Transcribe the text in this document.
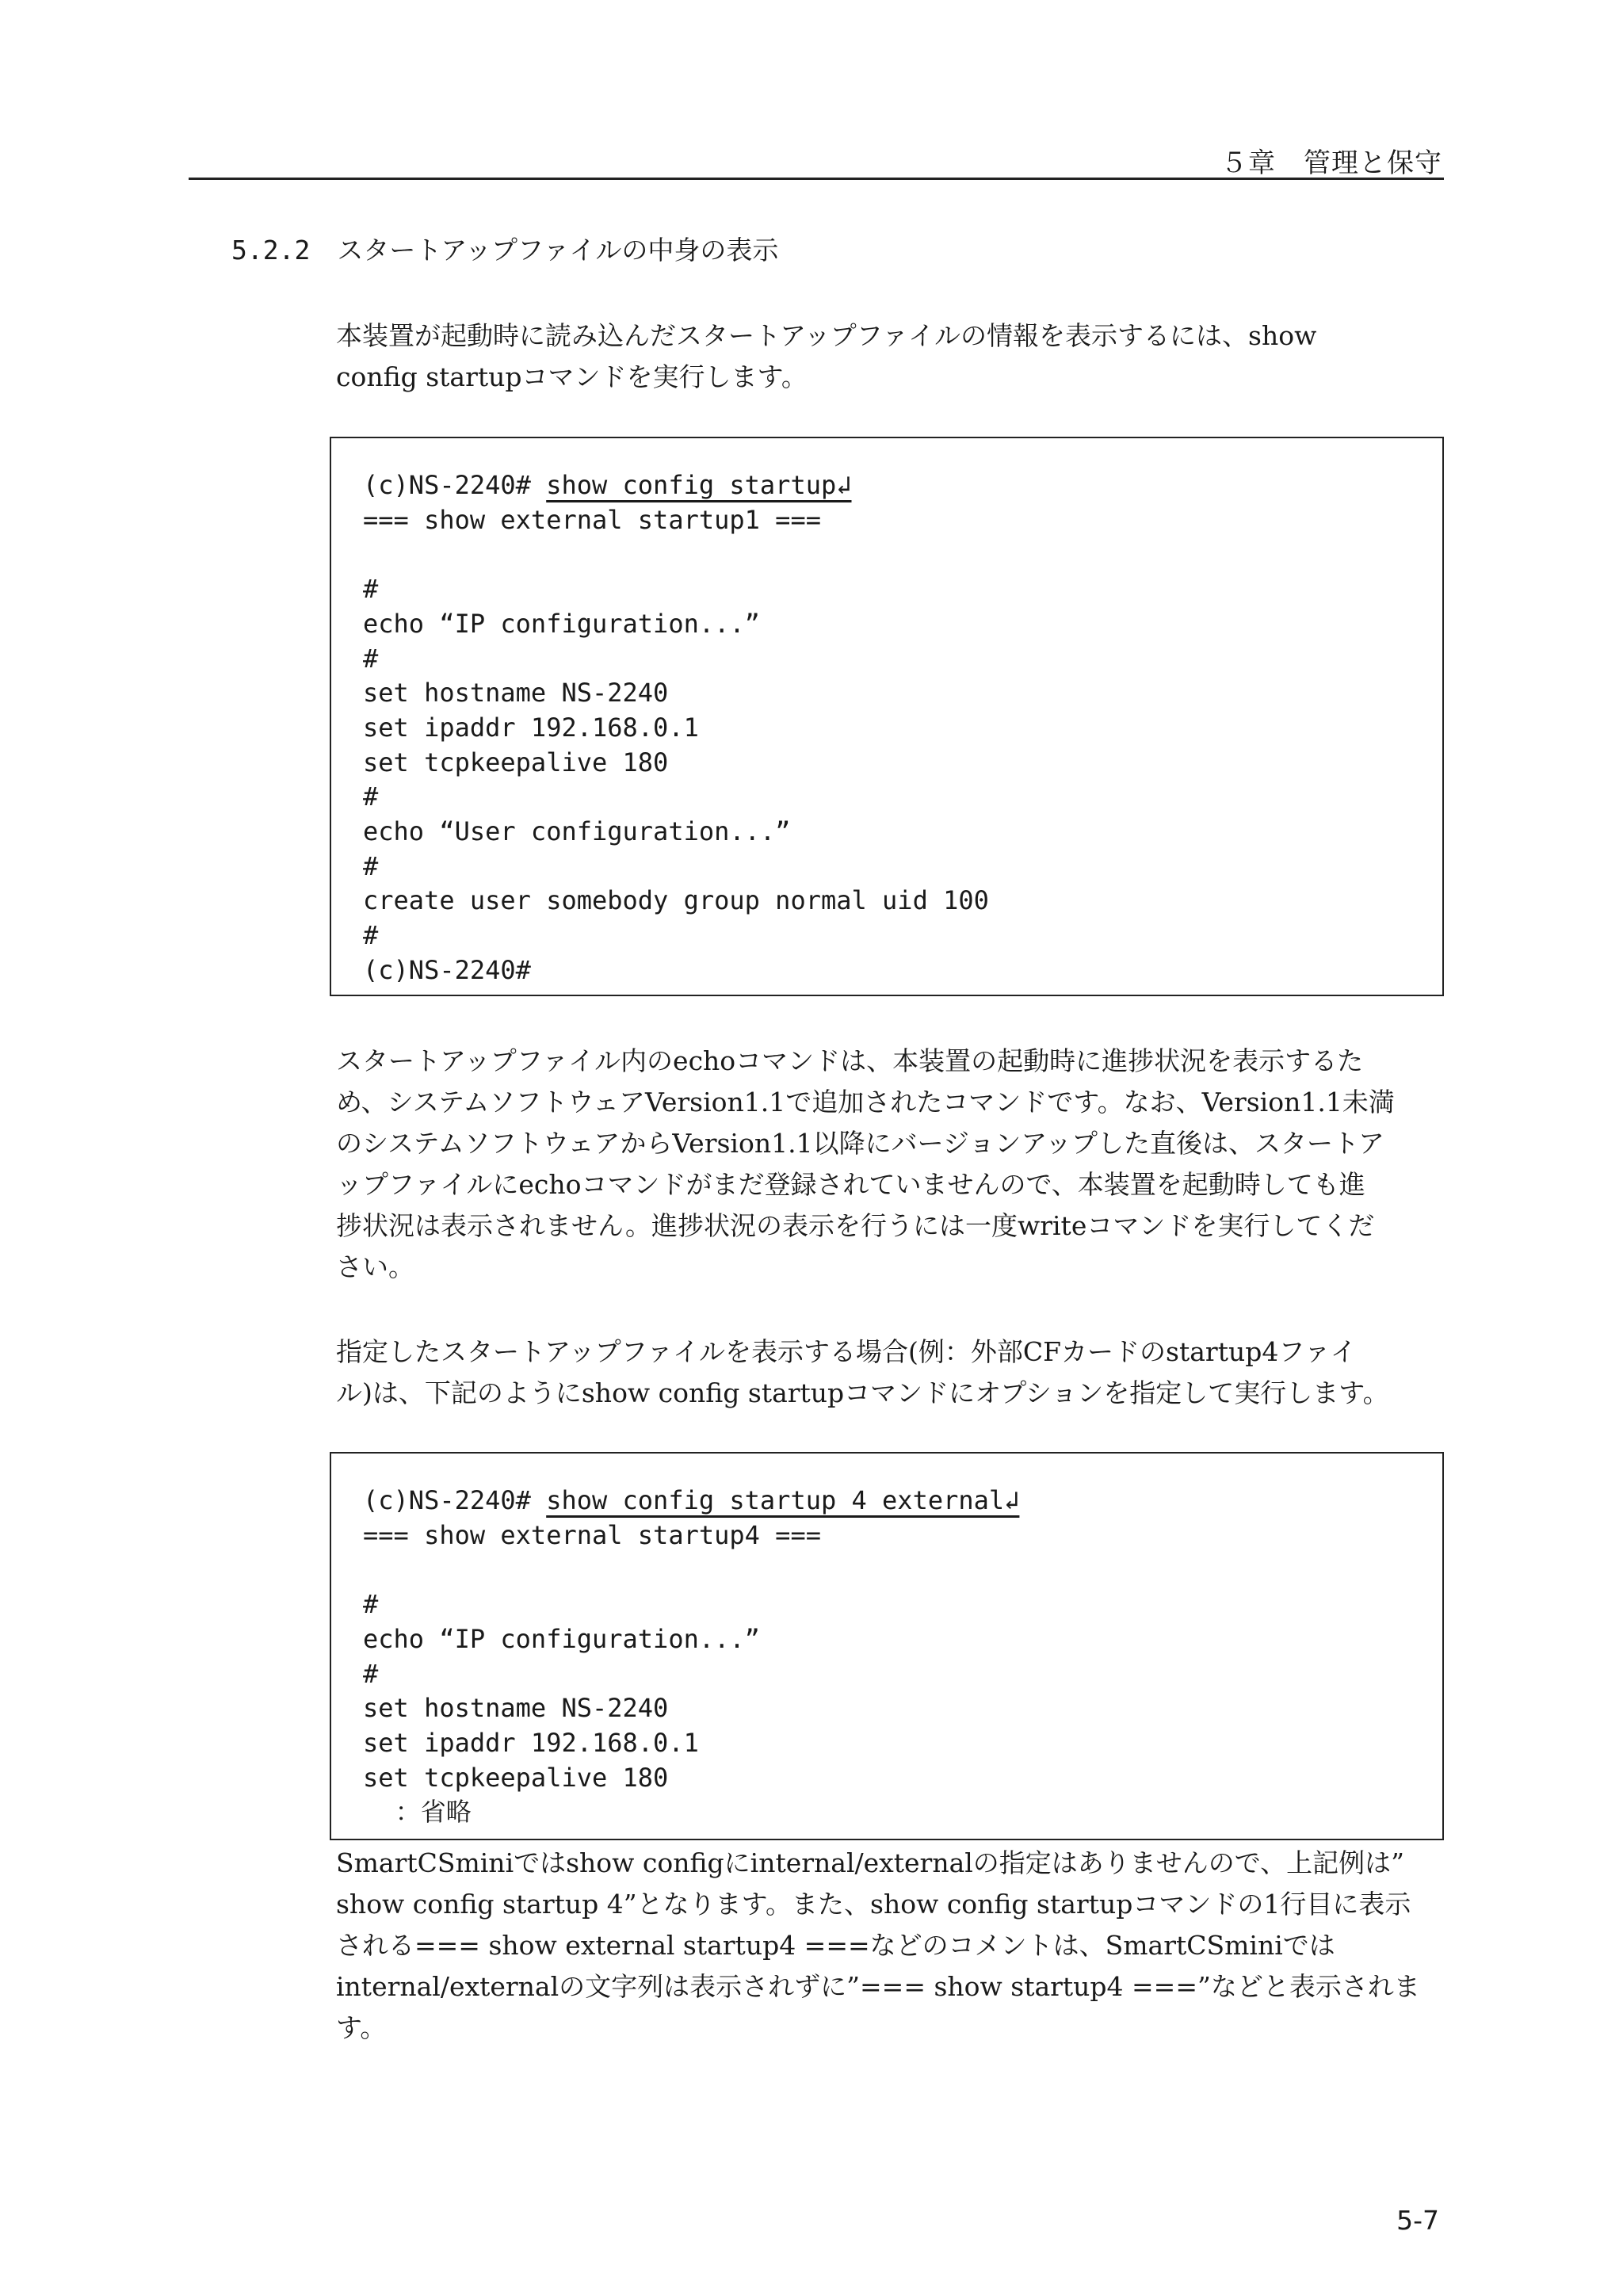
５章　管理と保守
5.2.2 スタートアップファイルの中身の表示

本装置が起動時に読み込んだスタートアップファイルの情報を表示するには、show
config startupコマンドを実行します。

(c)NS-2240# show config startup↲
=== show external startup1 ===

#
echo “IP configuration...”
#
set hostname NS-2240
set ipaddr 192.168.0.1
set tcpkeepalive 180
#
echo “User configuration...”
#
create user somebody group normal uid 100
#
(c)NS-2240#

スタートアップファイル内のechoコマンドは、本装置の起動時に進捗状況を表示するた
め、システムソフトウェアVersion1.1で追加されたコマンドです。なお、Version1.1未満
のシステムソフトウェアからVersion1.1以降にバージョンアップした直後は、スタートア
ップファイルにechoコマンドがまだ登録されていませんので、本装置を起動時しても進
捗状況は表示されません。進捗状況の表示を行うには一度writeコマンドを実行してくだ
さい。

指定したスタートアップファイルを表示する場合(例：外部CFカードのstartup4ファイ
ル)は、下記のようにshow config startupコマンドにオプションを指定して実行します。

(c)NS-2240# show config startup 4 external↲
=== show external startup4 ===

#
echo “IP configuration...”
#
set hostname NS-2240
set ipaddr 192.168.0.1
set tcpkeepalive 180
：省略

SmartCSminiではshow configにinternal/externalの指定はありませんので、上記例は”
show config startup 4”となります。また、show config startupコマンドの1行目に表示
される=== show external startup4 ===などのコメントは、SmartCSminiでは
internal/externalの文字列は表示されずに”=== show startup4 ===”などと表示されま
す。

5-7
